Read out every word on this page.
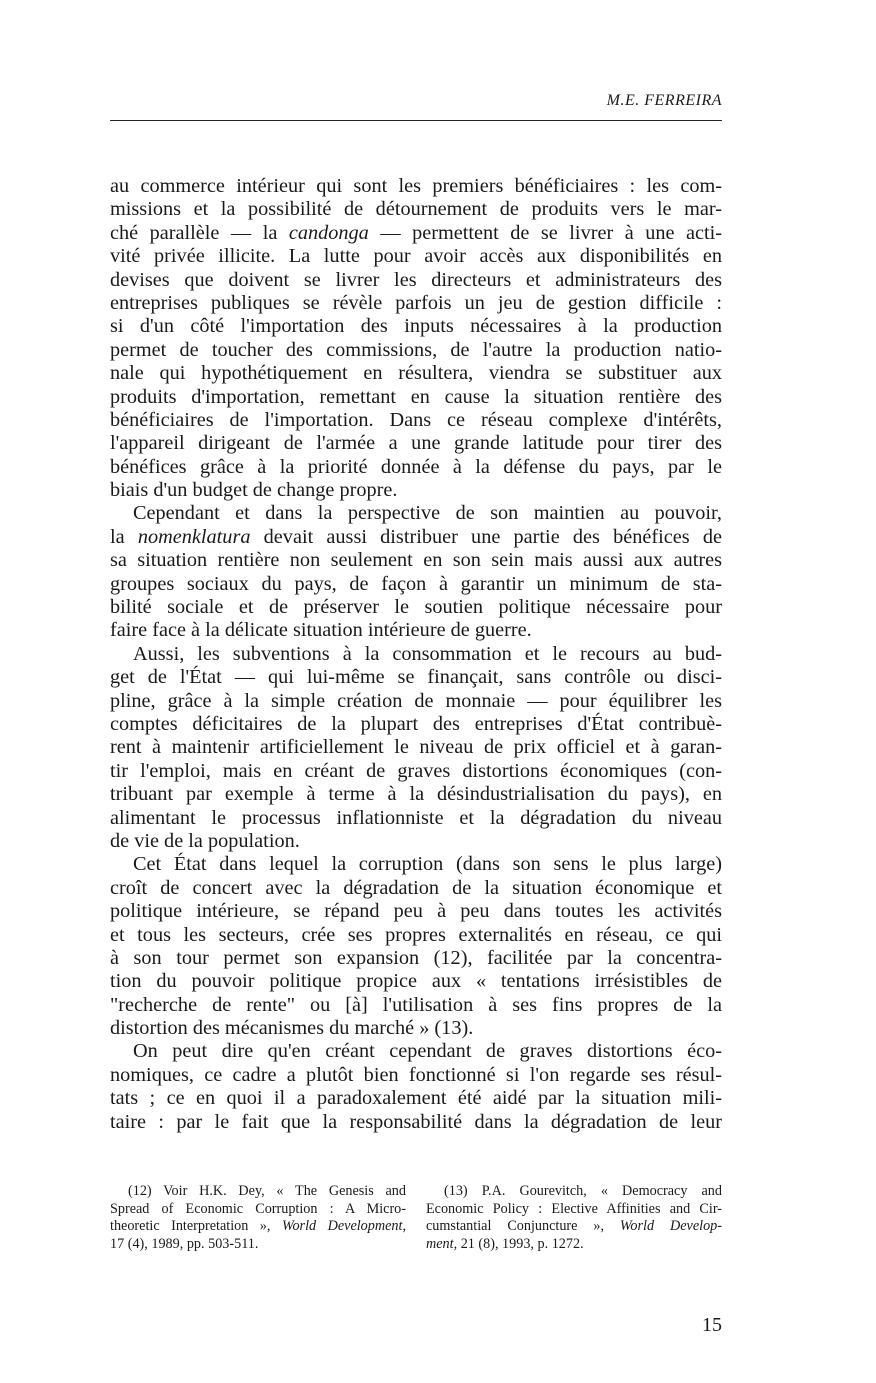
M.E. FERREIRA
au commerce intérieur qui sont les premiers bénéficiaires : les com-
missions et la possibilité de détournement de produits vers le mar-
ché parallèle — la candonga — permettent de se livrer à une acti-
vité privée illicite. La lutte pour avoir accès aux disponibilités en
devises que doivent se livrer les directeurs et administrateurs des
entreprises publiques se révèle parfois un jeu de gestion difficile :
si d'un côté l'importation des inputs nécessaires à la production
permet de toucher des commissions, de l'autre la production natio-
nale qui hypothétiquement en résultera, viendra se substituer aux
produits d'importation, remettant en cause la situation rentière des
bénéficiaires de l'importation. Dans ce réseau complexe d'intérêts,
l'appareil dirigeant de l'armée a une grande latitude pour tirer des
bénéfices grâce à la priorité donnée à la défense du pays, par le
biais d'un budget de change propre.
Cependant et dans la perspective de son maintien au pouvoir,
la nomenklatura devait aussi distribuer une partie des bénéfices de
sa situation rentière non seulement en son sein mais aussi aux autres
groupes sociaux du pays, de façon à garantir un minimum de sta-
bilité sociale et de préserver le soutien politique nécessaire pour
faire face à la délicate situation intérieure de guerre.
Aussi, les subventions à la consommation et le recours au bud-
get de l'État — qui lui-même se finançait, sans contrôle ou disci-
pline, grâce à la simple création de monnaie — pour équilibrer les
comptes déficitaires de la plupart des entreprises d'État contribuè-
rent à maintenir artificiellement le niveau de prix officiel et à garan-
tir l'emploi, mais en créant de graves distortions économiques (con-
tribuant par exemple à terme à la désindustrialisation du pays), en
alimentant le processus inflationniste et la dégradation du niveau
de vie de la population.
Cet État dans lequel la corruption (dans son sens le plus large)
croît de concert avec la dégradation de la situation économique et
politique intérieure, se répand peu à peu dans toutes les activités
et tous les secteurs, crée ses propres externalités en réseau, ce qui
à son tour permet son expansion (12), facilitée par la concentra-
tion du pouvoir politique propice aux « tentations irrésistibles de
"recherche de rente" ou [à] l'utilisation à ses fins propres de la
distortion des mécanismes du marché » (13).
On peut dire qu'en créant cependant de graves distortions éco-
nomiques, ce cadre a plutôt bien fonctionné si l'on regarde ses résul-
tats ; ce en quoi il a paradoxalement été aidé par la situation mili-
taire : par le fait que la responsabilité dans la dégradation de leur
(12) Voir H.K. Dey, « The Genesis and
Spread of Economic Corruption : A Micro-
theoretic Interpretation », World Development,
17 (4), 1989, pp. 503-511.
(13) P.A. Gourevitch, « Democracy and
Economic Policy : Elective Affinities and Cir-
cumstantial Conjuncture », World Develop-
ment, 21 (8), 1993, p. 1272.
15
